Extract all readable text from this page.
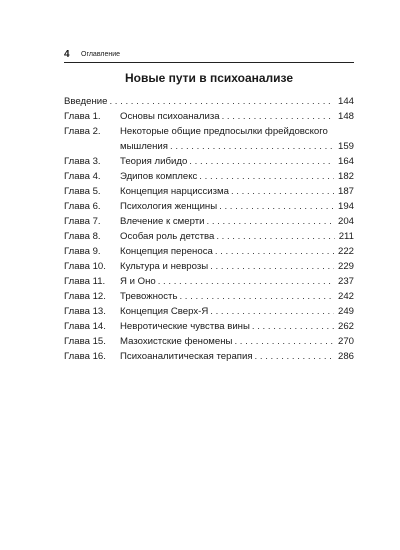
4 Оглавление
Новые пути в психоанализе
Введение . . .	144
Глава 1. Основы психоанализа . . .	148
Глава 2. Некоторые общие предпосылки фрейдовского
мышления . . .	159
Глава 3. Теория либидо . . .	164
Глава 4. Эдипов комплекс . . .	182
Глава 5. Концепция нарциссизма . . .	187
Глава 6. Психология женщины . . .	194
Глава 7. Влечение к смерти . . .	204
Глава 8. Особая роль детства . . .	211
Глава 9. Концепция переноса . . .	222
Глава 10. Культура и неврозы . . .	229
Глава 11. Я и Оно . . .	237
Глава 12. Тревожность . . .	242
Глава 13. Концепция Сверх-Я . . .	249
Глава 14. Невротические чувства вины . . .	262
Глава 15. Мазохистские феномены . . .	270
Глава 16. Психоаналитическая терапия . . .	286
